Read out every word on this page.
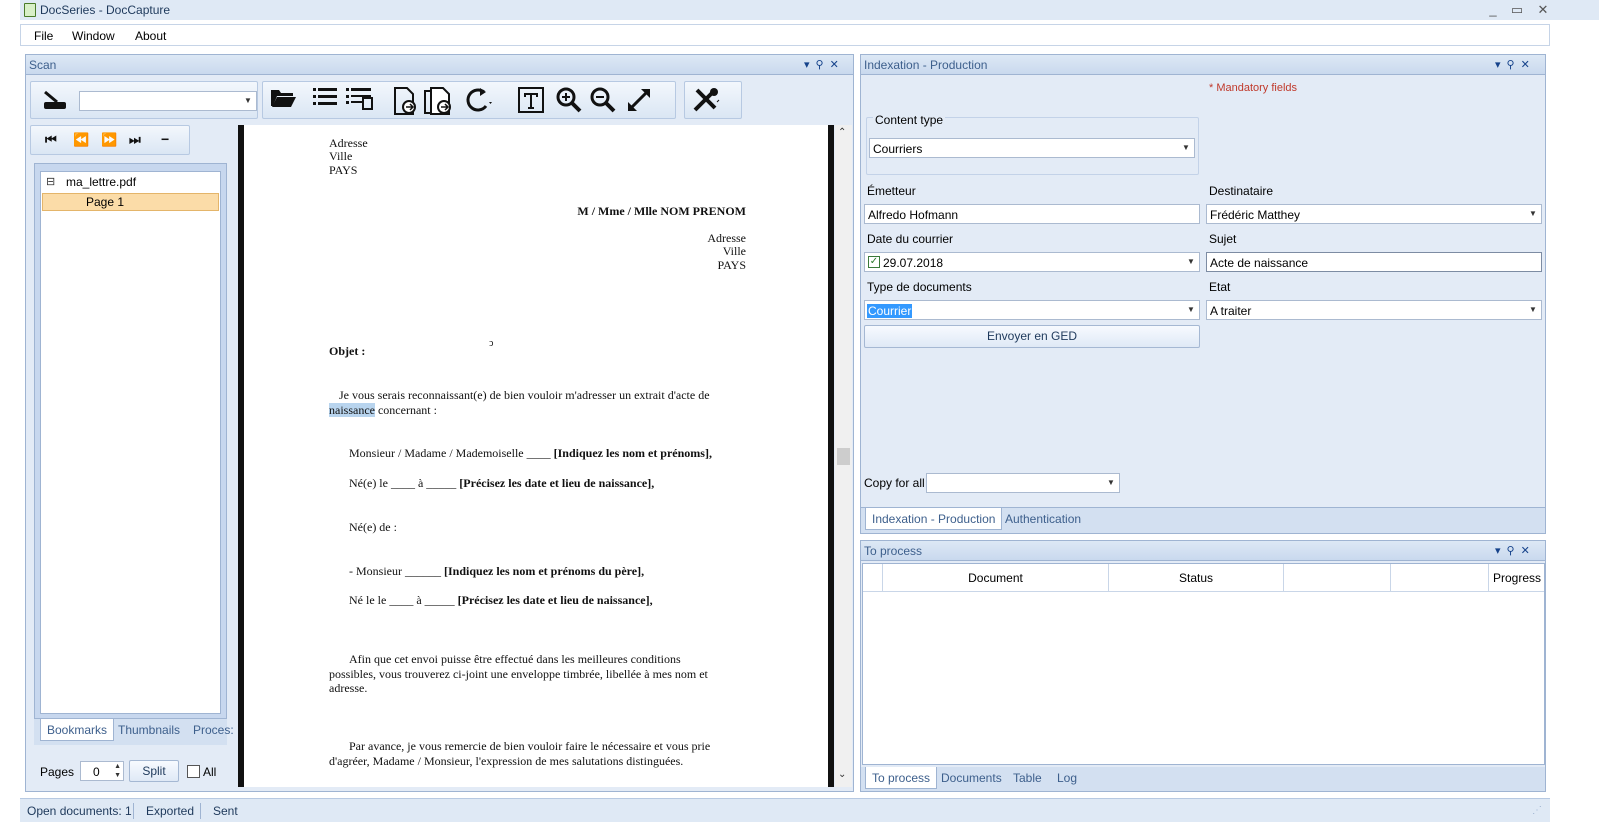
DocSeries - DocCapture	_	▭	✕
File Window About
Scan	▾⚲✕
▼
⏮ ⏪ ⏩ ⏭ −
⊟ ma_lettre.pdf
Page 1
Bookmarks Thumbnails	Proces:
Pages 0 ▲
▼	Split	All
Adresse
Ville
PAYS
M / Mme / Mlle NOM PRENOM
Adresse
Ville
PAYS
Objet :
ↄ
Je vous serais reconnaissant(e) de bien vouloir m'adresser un extrait d'acte de
naissance concernant :
Monsieur / Madame / Mademoiselle ____ [Indiquez les nom et prénoms],
Né(e) le ____ à _____ [Précisez les date et lieu de naissance],
Né(e) de :
- Monsieur ______ [Indiquez les nom et prénoms du père],
Né le le ____ à _____ [Précisez les date et lieu de naissance],
Afin que cet envoi puisse être effectué dans les meilleures conditions
possibles, vous trouverez ci-joint une enveloppe timbrée, libellée à mes nom et
adresse.
Par avance, je vous remercie de bien vouloir faire le nécessaire et vous prie
d'agréer, Madame / Monsieur, l'expression de mes salutations distinguées.
⌃
⌄
Indexation - Production	▾⚲✕
* Mandatory fields
Content type
Courriers	▼
Émetteur
Alfredo Hofmann
Destinataire
Frédéric Matthey	▼
Date du courrier
✓ 29.07.2018	▼
Sujet
Acte de naissance
Type de documents
Courrier	▼
Etat
A traiter	▼
Envoyer en GED
Copy for all	▼
Indexation - Production Authentication
To process	▾⚲✕
Document	Status	Progress
To process Documents Table	Log
Open documents: 1 Exported Sent	⋰
